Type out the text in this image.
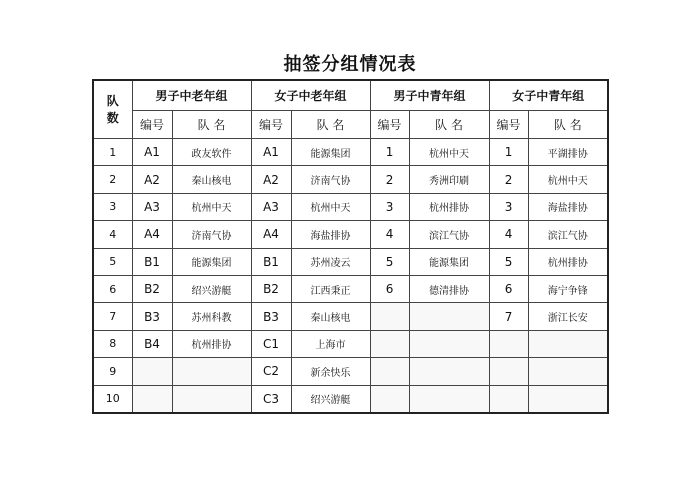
抽签分组情况表
队
数	男子中老年组		女子中老年组		男子中青年组		女子中青年组	
	编号	队 名	编号	队 名	编号	队 名	编号	队 名
1	A1	政友软件	A1	能源集团	1	杭州中天	1	平湖排协
2	A2	秦山核电	A2	济南气协	2	秀洲印刷	2	杭州中天
3	A3	杭州中天	A3	杭州中天	3	杭州排协	3	海盐排协
4	A4	济南气协	A4	海盐排协	4	滨江气协	4	滨江气协
5	B1	能源集团	B1	苏州凌云	5	能源集团	5	杭州排协
6	B2	绍兴游艇	B2	江西秉正	6	德清排协	6	海宁争锋
7	B3	苏州科教	B3	秦山核电			7	浙江长安
8	B4	杭州排协	C1	上海市				
9			C2	新余快乐				
10			C3	绍兴游艇				
